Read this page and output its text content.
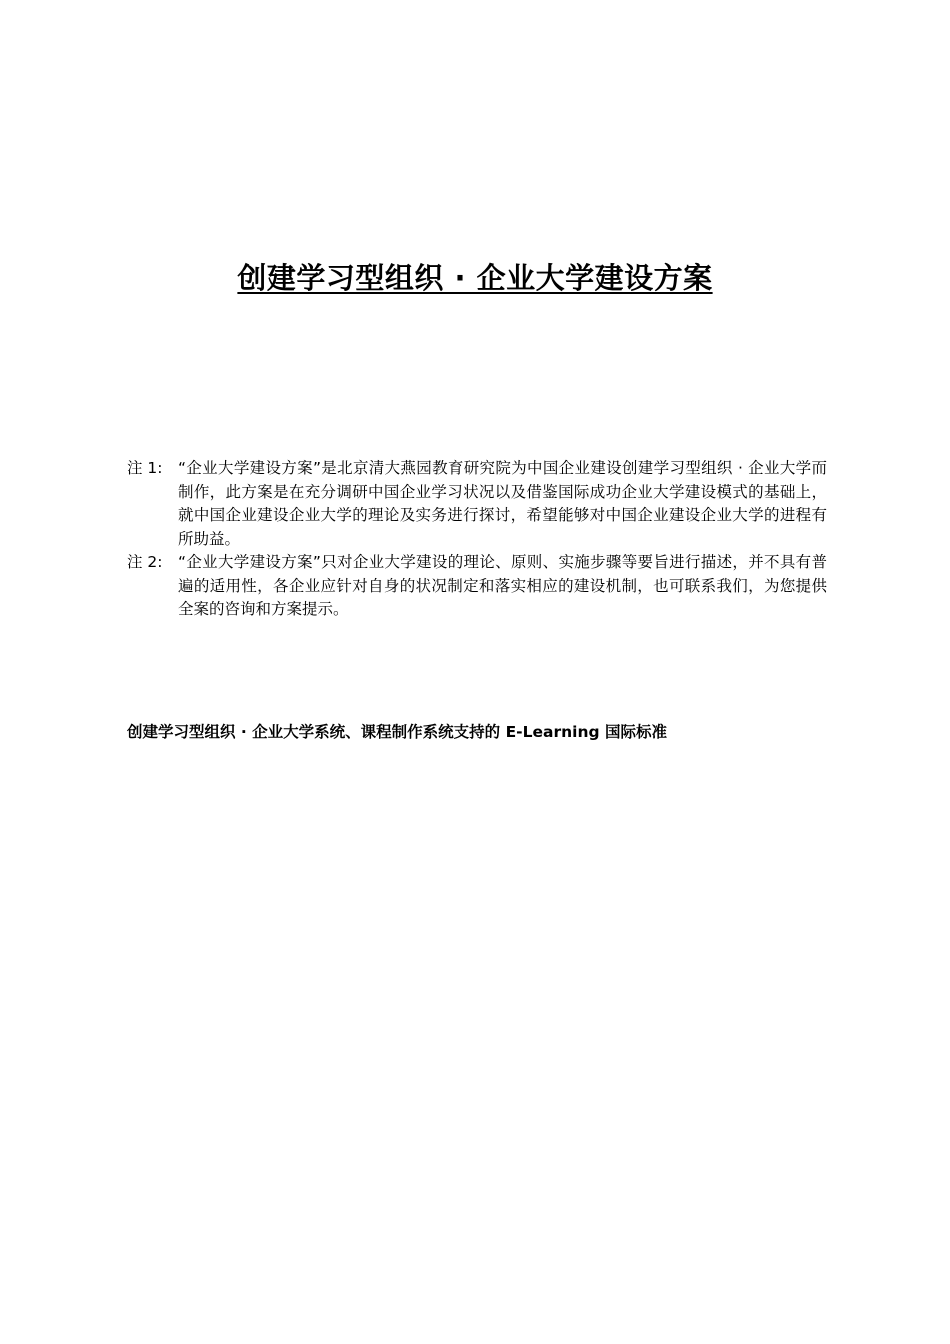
创建学习型组织 · 企业大学建设方案
注 1: “企业大学建设方案”是北京清大燕园教育研究院为中国企业建设创建学习型组织 · 企业大学而制作，此方案是在充分调研中国企业学习状况以及借鉴国际成功企业大学建设模式的基础上，就中国企业建设企业大学的理论及实务进行探讨，希望能够对中国企业建设企业大学的进程有所助益。
注 2: “企业大学建设方案”只对企业大学建设的理论、原则、实施步骤等要旨进行描述，并不具有普遍的适用性，各企业应针对自身的状况制定和落实相应的建设机制，也可联系我们，为您提供全案的咨询和方案提示。
创建学习型组织 · 企业大学系统、课程制作系统支持的 E-Learning 国际标准
